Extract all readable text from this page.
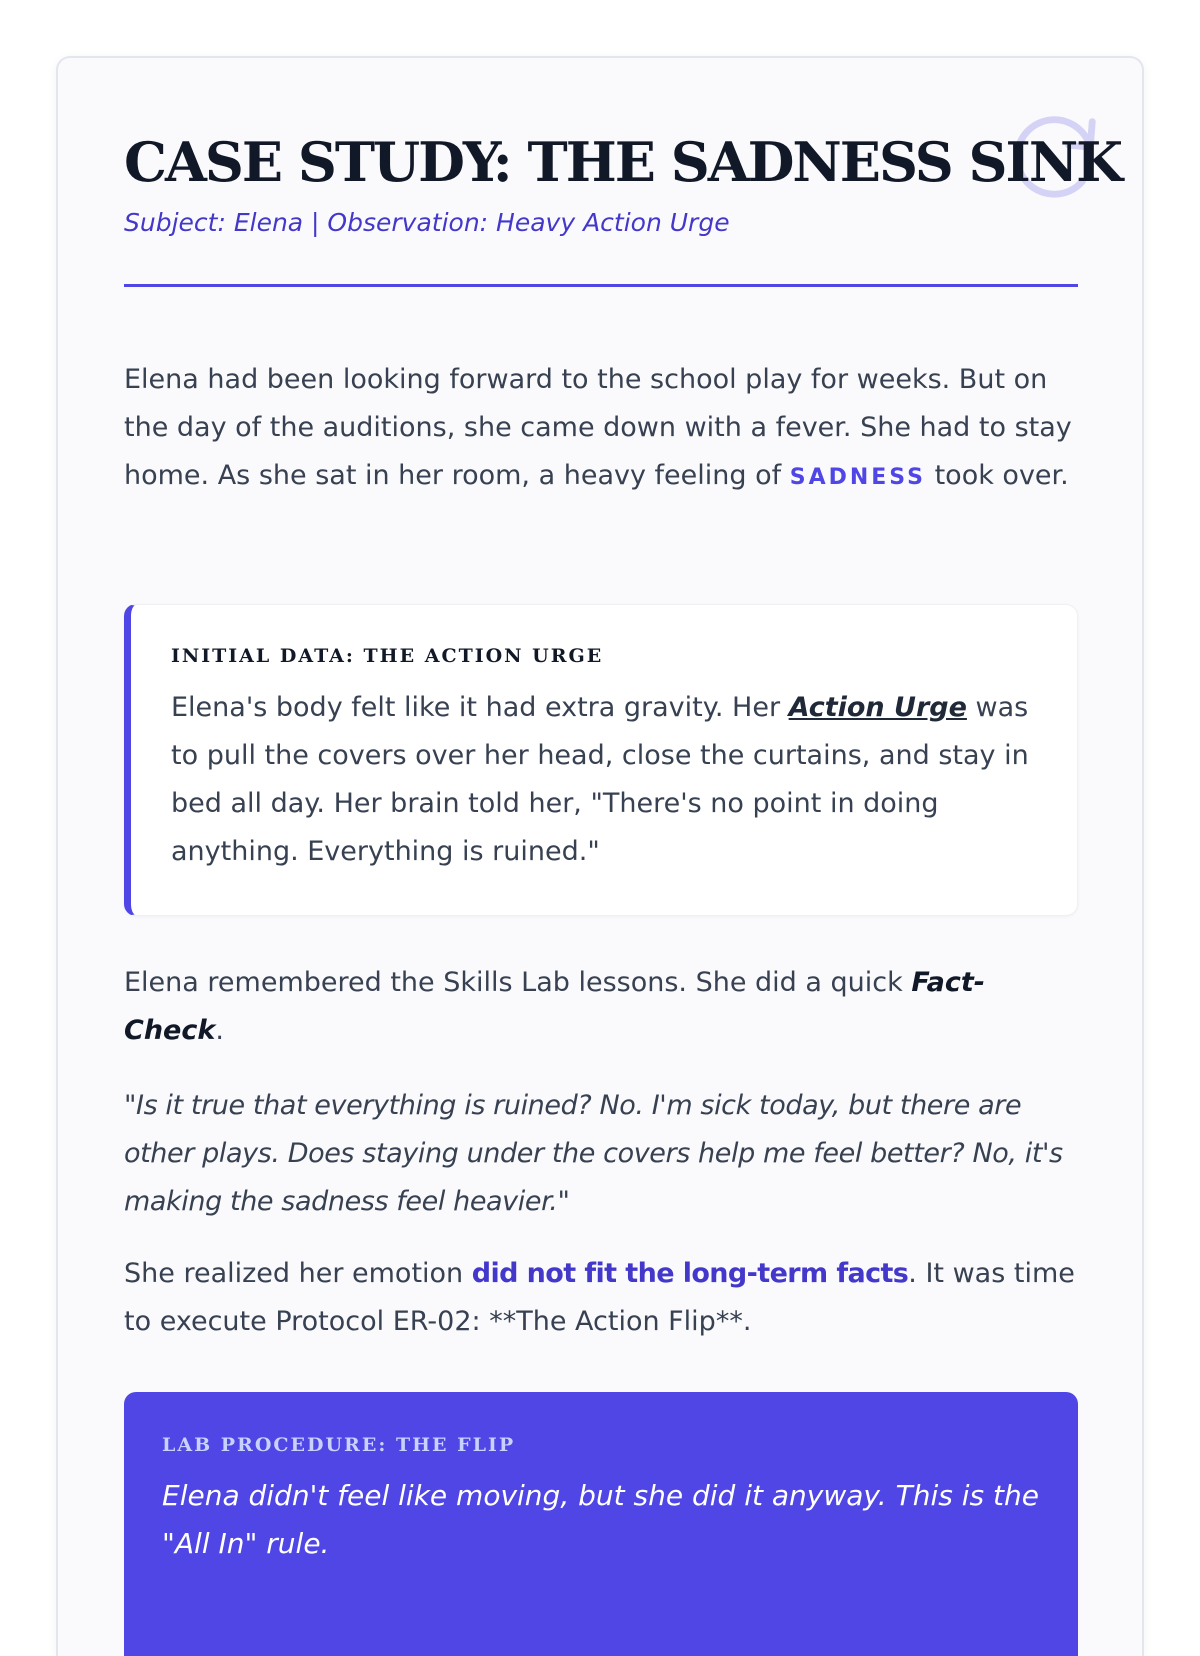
CASE STUDY: THE SADNESS SINK
Subject: Elena | Observation: Heavy Action Urge

Elena had been looking forward to the school play for weeks. But on the day of the auditions, she came down with a fever. She had to stay home. As she sat in her room, a heavy feeling of SADNESS took over.

INITIAL DATA: THE ACTION URGE

Elena's body felt like it had extra gravity. Her Action Urge was to pull the covers over her head, close the curtains, and stay in bed all day. Her brain told her, "There's no point in doing anything. Everything is ruined."

Elena remembered the Skills Lab lessons. She did a quick Fact-Check.

"Is it true that everything is ruined? No. I'm sick today, but there are other plays. Does staying under the covers help me feel better? No, it's making the sadness feel heavier."

She realized her emotion did not fit the long-term facts. It was time to execute Protocol ER-02: **The Action Flip**.

LAB PROCEDURE: THE FLIP

Elena didn't feel like moving, but she did it anyway. This is the "All In" rule.
